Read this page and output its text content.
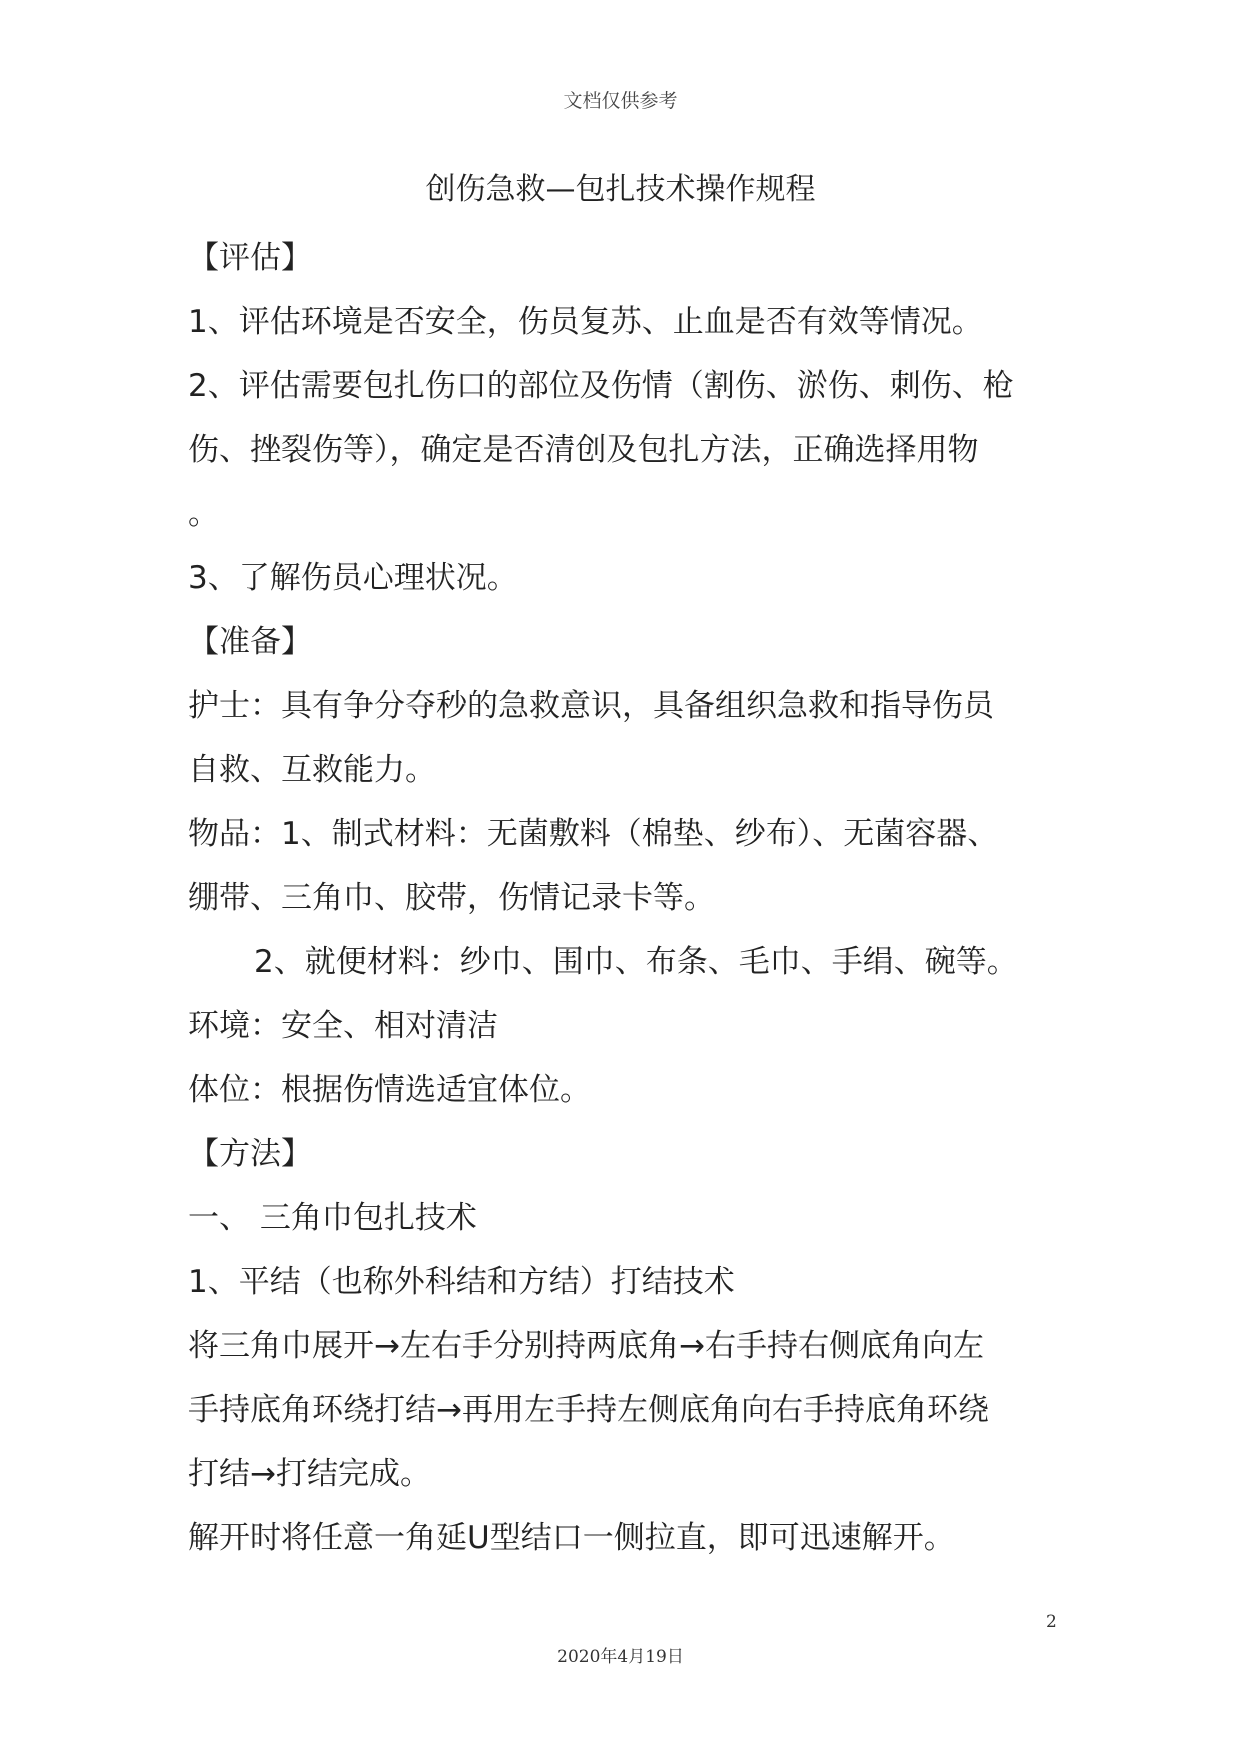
文档仅供参考
创伤急救—包扎技术操作规程

【评估】

1、评估环境是否安全，伤员复苏、止血是否有效等情况。

2、评估需要包扎伤口的部位及伤情（割伤、淤伤、刺伤、枪

伤、挫裂伤等），确定是否清创及包扎方法，正确选择用物

。

3、了解伤员心理状况。

【准备】

护士：具有争分夺秒的急救意识，具备组织急救和指导伤员

自救、互救能力。

物品：1、制式材料：无菌敷料（棉垫、纱布）、无菌容器、

绷带、三角巾、胶带，伤情记录卡等。

2、就便材料：纱巾、围巾、布条、毛巾、手绢、碗等。

环境：安全、相对清洁

体位：根据伤情选适宜体位。

【方法】

一、 三角巾包扎技术

1、平结（也称外科结和方结）打结技术

将三角巾展开→左右手分别持两底角→右手持右侧底角向左

手持底角环绕打结→再用左手持左侧底角向右手持底角环绕

打结→打结完成。

解开时将任意一角延U型结口一侧拉直，即可迅速解开。

2
2020年4月19日
